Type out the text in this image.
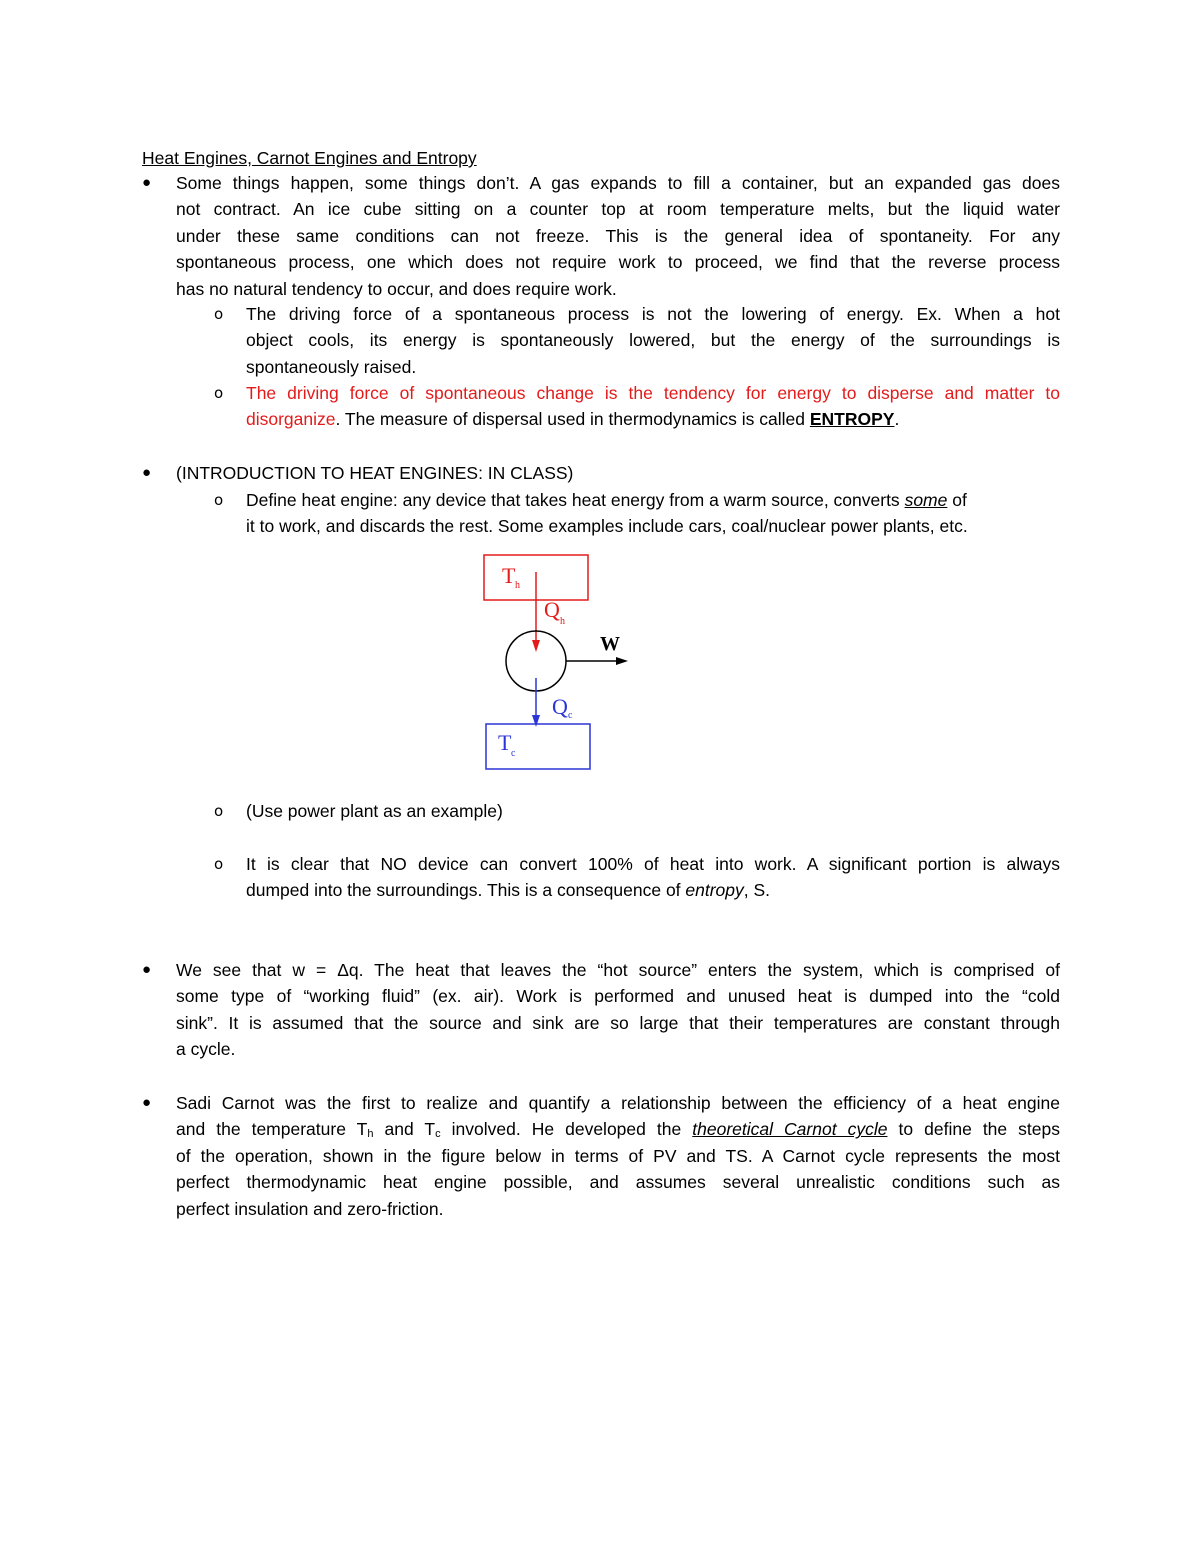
Heat Engines, Carnot Engines and Entropy
● Some things happen, some things don’t. A gas expands to fill a container, but an expanded gas does
not contract. An ice cube sitting on a counter top at room temperature melts, but the liquid water
under these same conditions can not freeze. This is the general idea of spontaneity. For any
spontaneous process, one which does not require work to proceed, we find that the reverse process
has no natural tendency to occur, and does require work.
o The driving force of a spontaneous process is not the lowering of energy. Ex. When a hot
object cools, its energy is spontaneously lowered, but the energy of the surroundings is
spontaneously raised.
o The driving force of spontaneous change is the tendency for energy to disperse and matter to
disorganize. The measure of dispersal used in thermodynamics is called ENTROPY.
● (INTRODUCTION TO HEAT ENGINES: IN CLASS)
o Define heat engine: any device that takes heat energy from a warm source, converts some of
it to work, and discards the rest. Some examples include cars, coal/nuclear power plants, etc.
T h
Q h
W
Q c
T c
o (Use power plant as an example)
o It is clear that NO device can convert 100% of heat into work. A significant portion is always
dumped into the surroundings. This is a consequence of entropy, S.
● We see that w = Δq. The heat that leaves the “hot source” enters the system, which is comprised of
some type of “working fluid” (ex. air). Work is performed and unused heat is dumped into the “cold
sink”. It is assumed that the source and sink are so large that their temperatures are constant through
a cycle.
● Sadi Carnot was the first to realize and quantify a relationship between the efficiency of a heat engine
and the temperature Th and Tc involved. He developed the theoretical Carnot cycle to define the steps
of the operation, shown in the figure below in terms of PV and TS. A Carnot cycle represents the most
perfect thermodynamic heat engine possible, and assumes several unrealistic conditions such as
perfect insulation and zero-friction.
